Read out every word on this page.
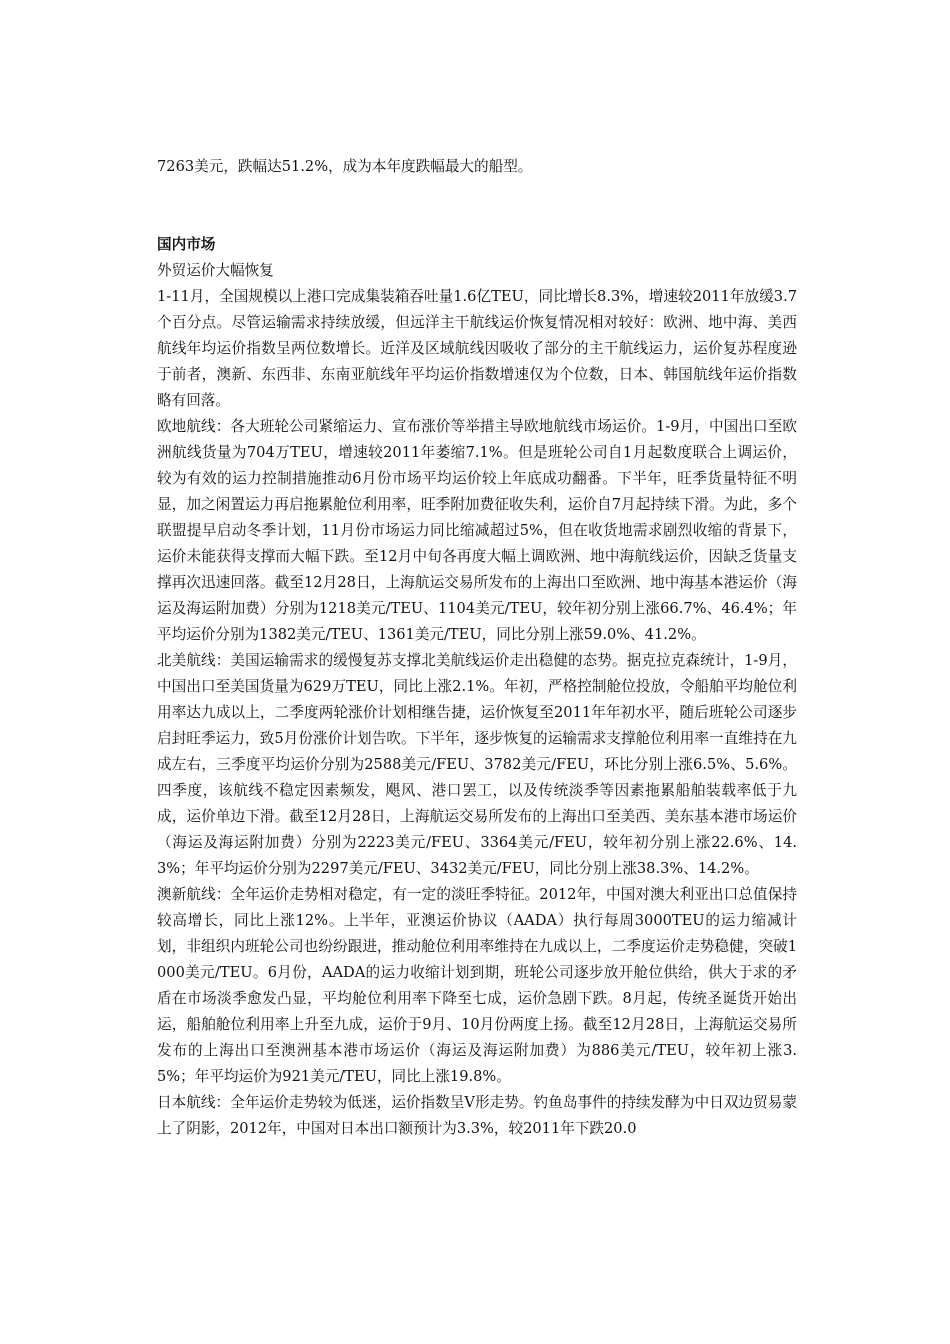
7263美元，跌幅达51.2%，成为本年度跌幅最大的船型。

国内市场

外贸运价大幅恢复

1-11月，全国规模以上港口完成集装箱吞吐量1.6亿TEU，同比增长8.3%，增速较2011年放缓3.7个百分点。尽管运输需求持续放缓，但远洋主干航线运价恢复情况相对较好：欧洲、地中海、美西航线年均运价指数呈两位数增长。近洋及区域航线因吸收了部分的主干航线运力，运价复苏程度逊于前者，澳新、东西非、东南亚航线年平均运价指数增速仅为个位数，日本、韩国航线年运价指数略有回落。

欧地航线：各大班轮公司紧缩运力、宣布涨价等举措主导欧地航线市场运价。1-9月，中国出口至欧洲航线货量为704万TEU，增速较2011年萎缩7.1%。但是班轮公司自1月起数度联合上调运价，较为有效的运力控制措施推动6月份市场平均运价较上年底成功翻番。下半年，旺季货量特征不明显，加之闲置运力再启拖累舱位利用率，旺季附加费征收失利，运价自7月起持续下滑。为此，多个联盟提早启动冬季计划，11月份市场运力同比缩减超过5%，但在收货地需求剧烈收缩的背景下，运价未能获得支撑而大幅下跌。至12月中旬各再度大幅上调欧洲、地中海航线运价，因缺乏货量支撑再次迅速回落。截至12月28日，上海航运交易所发布的上海出口至欧洲、地中海基本港运价（海运及海运附加费）分别为1218美元/TEU、1104美元/TEU，较年初分别上涨66.7%、46.4%；年平均运价分别为1382美元/TEU、1361美元/TEU，同比分别上涨59.0%、41.2%。

北美航线：美国运输需求的缓慢复苏支撑北美航线运价走出稳健的态势。据克拉克森统计，1-9月，中国出口至美国货量为629万TEU，同比上涨2.1%。年初，严格控制舱位投放，令船舶平均舱位利用率达九成以上，二季度两轮涨价计划相继告捷，运价恢复至2011年年初水平，随后班轮公司逐步启封旺季运力，致5月份涨价计划告吹。下半年，逐步恢复的运输需求支撑舱位利用率一直维持在九成左右，三季度平均运价分别为2588美元/FEU、3782美元/FEU，环比分别上涨6.5%、5.6%。四季度，该航线不稳定因素频发，飓风、港口罢工，以及传统淡季等因素拖累船舶装载率低于九成，运价单边下滑。截至12月28日，上海航运交易所发布的上海出口至美西、美东基本港市场运价（海运及海运附加费）分别为2223美元/FEU、3364美元/FEU，较年初分别上涨22.6%、14.3%；年平均运价分别为2297美元/FEU、3432美元/FEU，同比分别上涨38.3%、14.2%。

澳新航线：全年运价走势相对稳定，有一定的淡旺季特征。2012年，中国对澳大利亚出口总值保持较高增长，同比上涨12%。上半年，亚澳运价协议（AADA）执行每周3000TEU的运力缩减计划，非组织内班轮公司也纷纷跟进，推动舱位利用率维持在九成以上，二季度运价走势稳健，突破1000美元/TEU。6月份，AADA的运力收缩计划到期，班轮公司逐步放开舱位供给，供大于求的矛盾在市场淡季愈发凸显，平均舱位利用率下降至七成，运价急剧下跌。8月起，传统圣诞货开始出运，船舶舱位利用率上升至九成，运价于9月、10月份两度上扬。截至12月28日，上海航运交易所发布的上海出口至澳洲基本港市场运价（海运及海运附加费）为886美元/TEU，较年初上涨3.5%；年平均运价为921美元/TEU，同比上涨19.8%。

日本航线：全年运价走势较为低迷，运价指数呈V形走势。钓鱼岛事件的持续发酵为中日双边贸易蒙上了阴影，2012年，中国对日本出口额预计为3.3%，较2011年下跌20.0
